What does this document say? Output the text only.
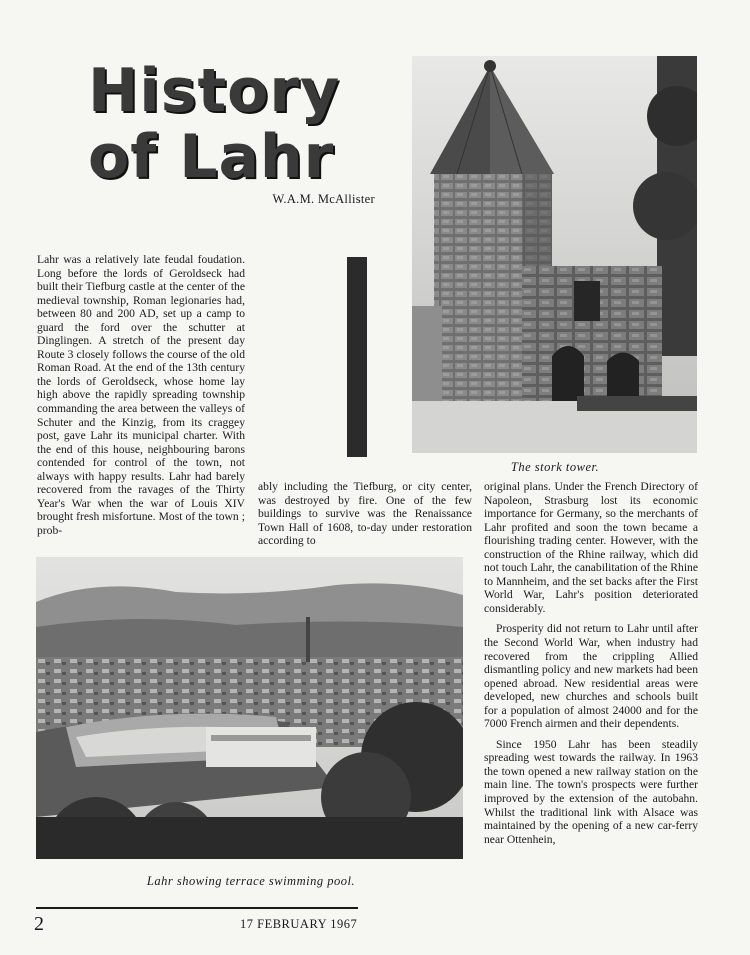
History
of Lahr
W.A.M. McAllister

Lahr was a relatively late feudal foudation. Long before the lords of Geroldseck had built their Tiefburg castle at the center of the medieval township, Roman legionaries had, between 80 and 200 AD, set up a camp to guard the ford over the schutter at Dinglingen. A stretch of the present day Route 3 closely follows the course of the old Roman Road. At the end of the 13th century the lords of Geroldseck, whose home lay high above the rapidly spreading township commanding the area between the valleys of Schuter and the Kinzig, from its craggey post, gave Lahr its municipal charter. With the end of this house, neighbouring barons contended for control of the town, not always with happy results. Lahr had barely recovered from the ravages of the Thirty Year's War when the war of Louis XIV brought fresh misfortune. Most of the town ; prob-

ably including the Tiefburg, or city center, was destroyed by fire. One of the few buildings to survive was the Renaissance Town Hall of 1608, to-day under restoration according to

original plans. Under the French Directory of Napoleon, Strasburg lost its economic importance for Germany, so the merchants of Lahr profited and soon the town became a flourishing trading center. However, with the construction of the Rhine railway, which did not touch Lahr, the canabilitation of the Rhine to Mannheim, and the set backs after the First World War, Lahr's position deteriorated considerably.

Prosperity did not return to Lahr until after the Second World War, when industry had recovered from the crippling Allied dismantling policy and new markets had been opened abroad. New residential areas were developed, new churches and schools built for a population of almost 24000 and for the 7000 French airmen and their dependents.

Since 1950 Lahr has been steadily spreading west towards the railway. In 1963 the town opened a new railway station on the main line. The town's prospects were further improved by the extension of the autobahn. Whilst the traditional link with Alsace was maintained by the opening of a new car-ferry near Ottenhein,

The stork tower.
Lahr showing terrace swimming pool.
2	17 FEBRUARY 1967
